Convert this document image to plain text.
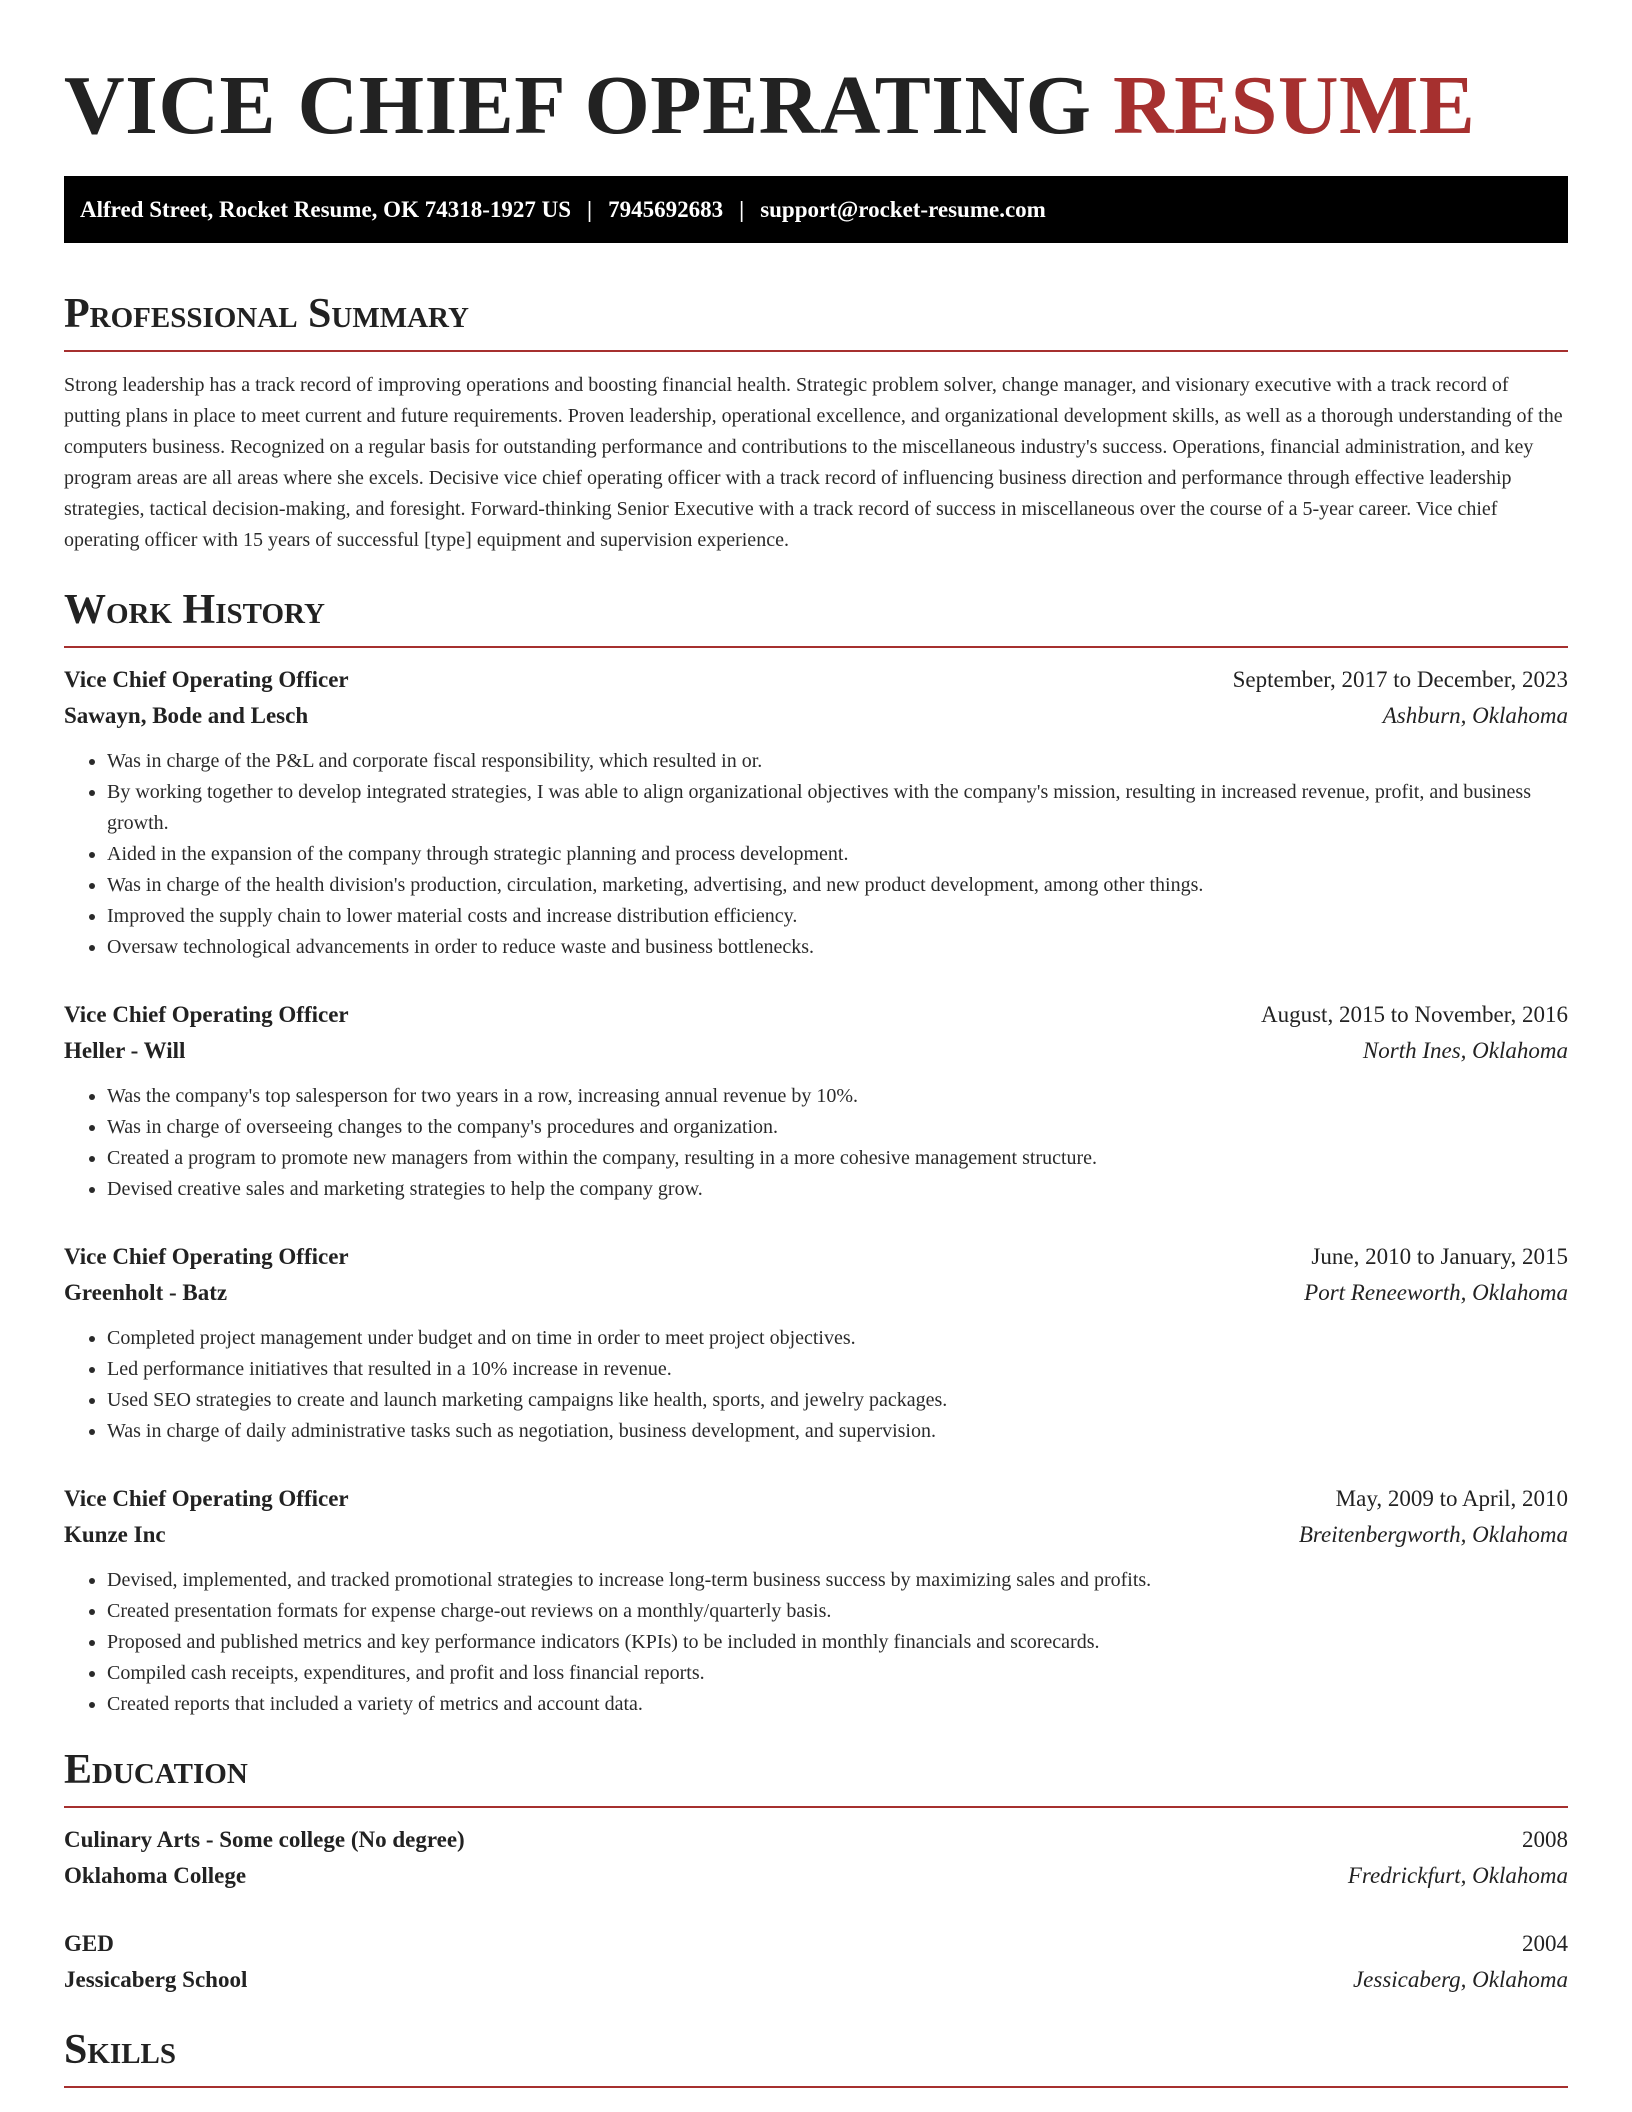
VICE CHIEF OPERATING RESUME
Alfred Street, Rocket Resume, OK 74318-1927 US | 7945692683 | support@rocket-resume.com
Professional Summary

Strong leadership has a track record of improving operations and boosting financial health. Strategic problem solver, change manager, and visionary executive with a track record of putting plans in place to meet current and future requirements. Proven leadership, operational excellence, and organizational development skills, as well as a thorough understanding of the computers business. Recognized on a regular basis for outstanding performance and contributions to the miscellaneous industry's success. Operations, financial administration, and key program areas are all areas where she excels. Decisive vice chief operating officer with a track record of influencing business direction and performance through effective leadership strategies, tactical decision-making, and foresight. Forward-thinking Senior Executive with a track record of success in miscellaneous over the course of a 5-year career. Vice chief operating officer with 15 years of successful [type] equipment and supervision experience.

Work History
Vice Chief Operating Officer	September, 2017 to December, 2023
Sawayn, Bode and Lesch	Ashburn, Oklahoma
• Was in charge of the P&L and corporate fiscal responsibility, which resulted in or.
• By working together to develop integrated strategies, I was able to align organizational objectives with the company's mission, resulting in increased revenue, profit, and business growth.
• Aided in the expansion of the company through strategic planning and process development.
• Was in charge of the health division's production, circulation, marketing, advertising, and new product development, among other things.
• Improved the supply chain to lower material costs and increase distribution efficiency.
• Oversaw technological advancements in order to reduce waste and business bottlenecks.
Vice Chief Operating Officer	August, 2015 to November, 2016
Heller - Will	North Ines, Oklahoma
• Was the company's top salesperson for two years in a row, increasing annual revenue by 10%.
• Was in charge of overseeing changes to the company's procedures and organization.
• Created a program to promote new managers from within the company, resulting in a more cohesive management structure.
• Devised creative sales and marketing strategies to help the company grow.
Vice Chief Operating Officer	June, 2010 to January, 2015
Greenholt - Batz	Port Reneeworth, Oklahoma
• Completed project management under budget and on time in order to meet project objectives.
• Led performance initiatives that resulted in a 10% increase in revenue.
• Used SEO strategies to create and launch marketing campaigns like health, sports, and jewelry packages.
• Was in charge of daily administrative tasks such as negotiation, business development, and supervision.
Vice Chief Operating Officer	May, 2009 to April, 2010
Kunze Inc	Breitenbergworth, Oklahoma
• Devised, implemented, and tracked promotional strategies to increase long-term business success by maximizing sales and profits.
• Created presentation formats for expense charge-out reviews on a monthly/quarterly basis.
• Proposed and published metrics and key performance indicators (KPIs) to be included in monthly financials and scorecards.
• Compiled cash receipts, expenditures, and profit and loss financial reports.
• Created reports that included a variety of metrics and account data.
Education
Culinary Arts - Some college (No degree)	2008
Oklahoma College	Fredrickfurt, Oklahoma
GED	2004
Jessicaberg School	Jessicaberg, Oklahoma
Skills
